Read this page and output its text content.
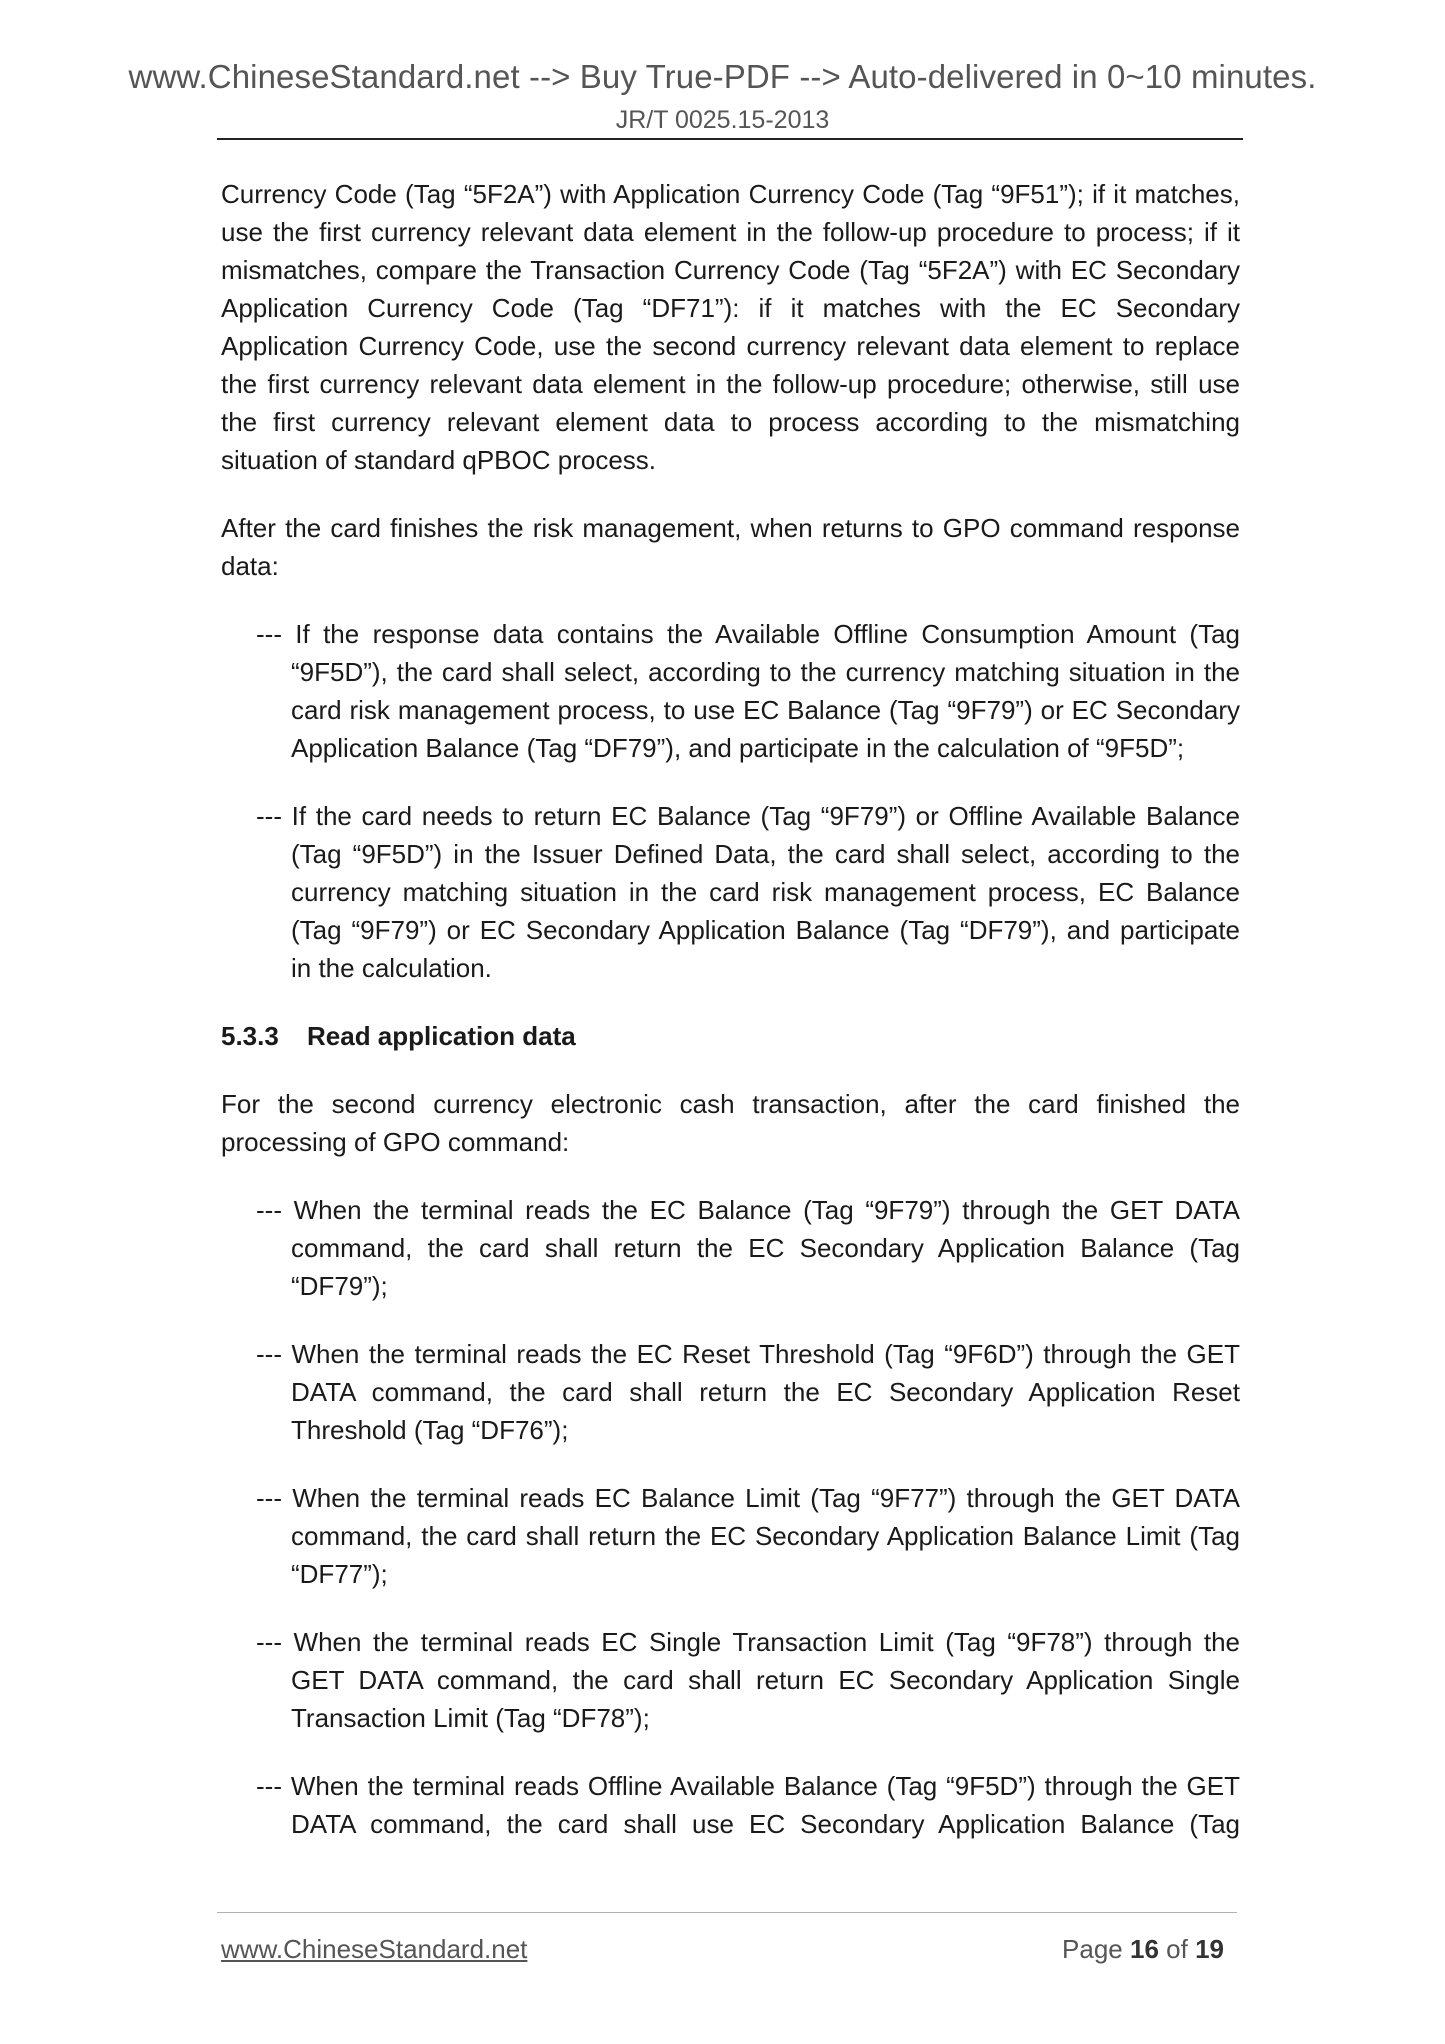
www.ChineseStandard.net --> Buy True-PDF --> Auto-delivered in 0~10 minutes.
JR/T 0025.15-2013

Currency Code (Tag “5F2A”) with Application Currency Code (Tag “9F51”); if it matches, use the first currency relevant data element in the follow-up procedure to process; if it mismatches, compare the Transaction Currency Code (Tag “5F2A”) with EC Secondary Application Currency Code (Tag “DF71”): if it matches with the EC Secondary Application Currency Code, use the second currency relevant data element to replace the first currency relevant data element in the follow-up procedure; otherwise, still use the first currency relevant element data to process according to the mismatching situation of standard qPBOC process.

After the card finishes the risk management, when returns to GPO command response data:

--- If the response data contains the Available Offline Consumption Amount (Tag “9F5D”), the card shall select, according to the currency matching situation in the card risk management process, to use EC Balance (Tag “9F79”) or EC Secondary Application Balance (Tag “DF79”), and participate in the calculation of “9F5D”;

--- If the card needs to return EC Balance (Tag “9F79”) or Offline Available Balance (Tag “9F5D”) in the Issuer Defined Data, the card shall select, according to the currency matching situation in the card risk management process, EC Balance (Tag “9F79”) or EC Secondary Application Balance (Tag “DF79”), and participate in the calculation.

5.3.3 Read application data

For the second currency electronic cash transaction, after the card finished the processing of GPO command:

--- When the terminal reads the EC Balance (Tag “9F79”) through the GET DATA command, the card shall return the EC Secondary Application Balance (Tag “DF79”);

--- When the terminal reads the EC Reset Threshold (Tag “9F6D”) through the GET DATA command, the card shall return the EC Secondary Application Reset Threshold (Tag “DF76”);

--- When the terminal reads EC Balance Limit (Tag “9F77”) through the GET DATA command, the card shall return the EC Secondary Application Balance Limit (Tag “DF77”);

--- When the terminal reads EC Single Transaction Limit (Tag “9F78”) through the GET DATA command, the card shall return EC Secondary Application Single Transaction Limit (Tag “DF78”);

--- When the terminal reads Offline Available Balance (Tag “9F5D”) through the GET DATA command, the card shall use EC Secondary Application Balance (Tag

www.ChineseStandard.net	Page 16 of 19
